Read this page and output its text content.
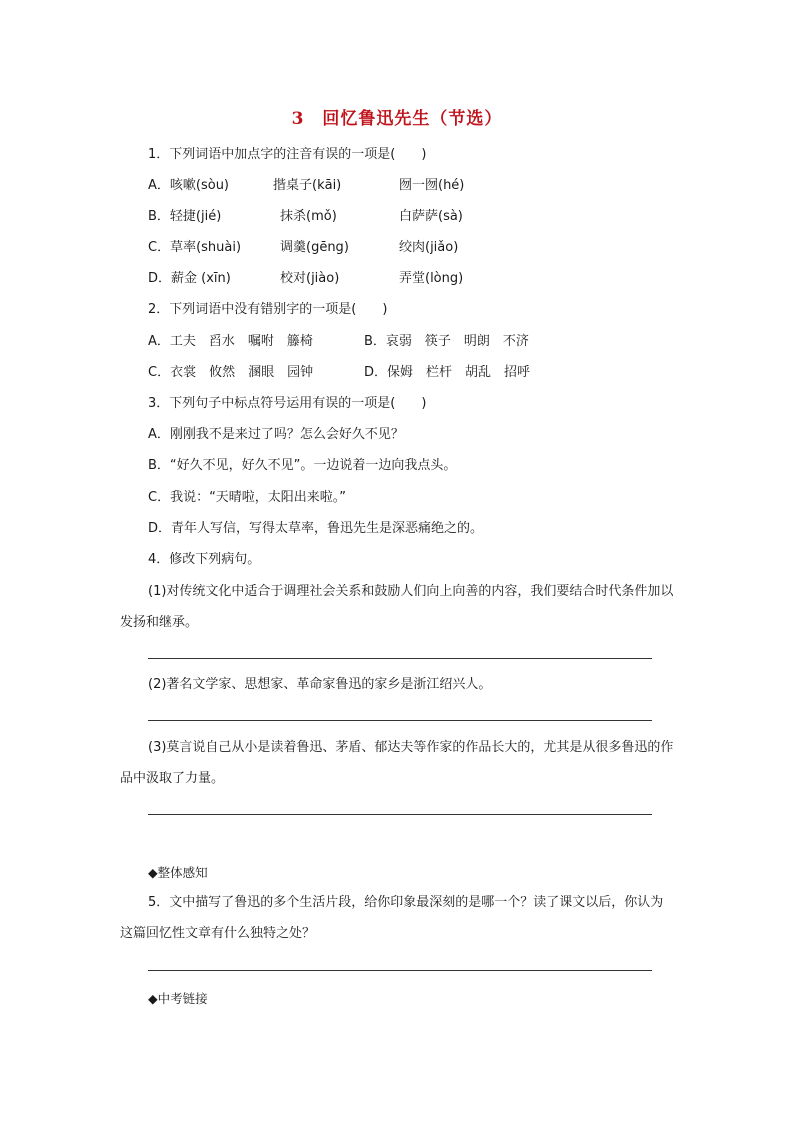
3　回忆鲁迅先生（节选）
1．下列词语中加点字的注音有误的一项是(　　)
A．咳嗽(sòu)	揩桌子(kāi)	囫一囫(hé)
B．轻捷(jié)	抹杀(mǒ)	白萨萨(sà)
C．草率(shuài)	调羹(gēng)	绞肉(jiǎo)
D．薪金 (xīn)	校对(jiào)	弄堂(lòng)
2．下列词语中没有错别字的一项是(　　)
A．工夫　舀水　嘱咐　籐椅	B．哀弱　筷子　明朗　不济
C．衣裳　攸然　溷眼　园钟	D．保姆　栏杆　胡乱　招呼
3．下列句子中标点符号运用有误的一项是(　　)
A．刚刚我不是来过了吗？怎么会好久不见？
B．“好久不见，好久不见”。一边说着一边向我点头。
C．我说：“天晴啦，太阳出来啦。”
D．青年人写信，写得太草率，鲁迅先生是深恶痛绝之的。
4．修改下列病句。
(1)对传统文化中适合于调理社会关系和鼓励人们向上向善的内容，我们要结合时代条件加以发扬和继承。
(2)著名文学家、思想家、革命家鲁迅的家乡是浙江绍兴人。
(3)莫言说自己从小是读着鲁迅、茅盾、郁达夫等作家的作品长大的，尤其是从很多鲁迅的作品中汲取了力量。
◆整体感知
5．文中描写了鲁迅的多个生活片段，给你印象最深刻的是哪一个？读了课文以后，你认为这篇回忆性文章有什么独特之处？
◆中考链接
